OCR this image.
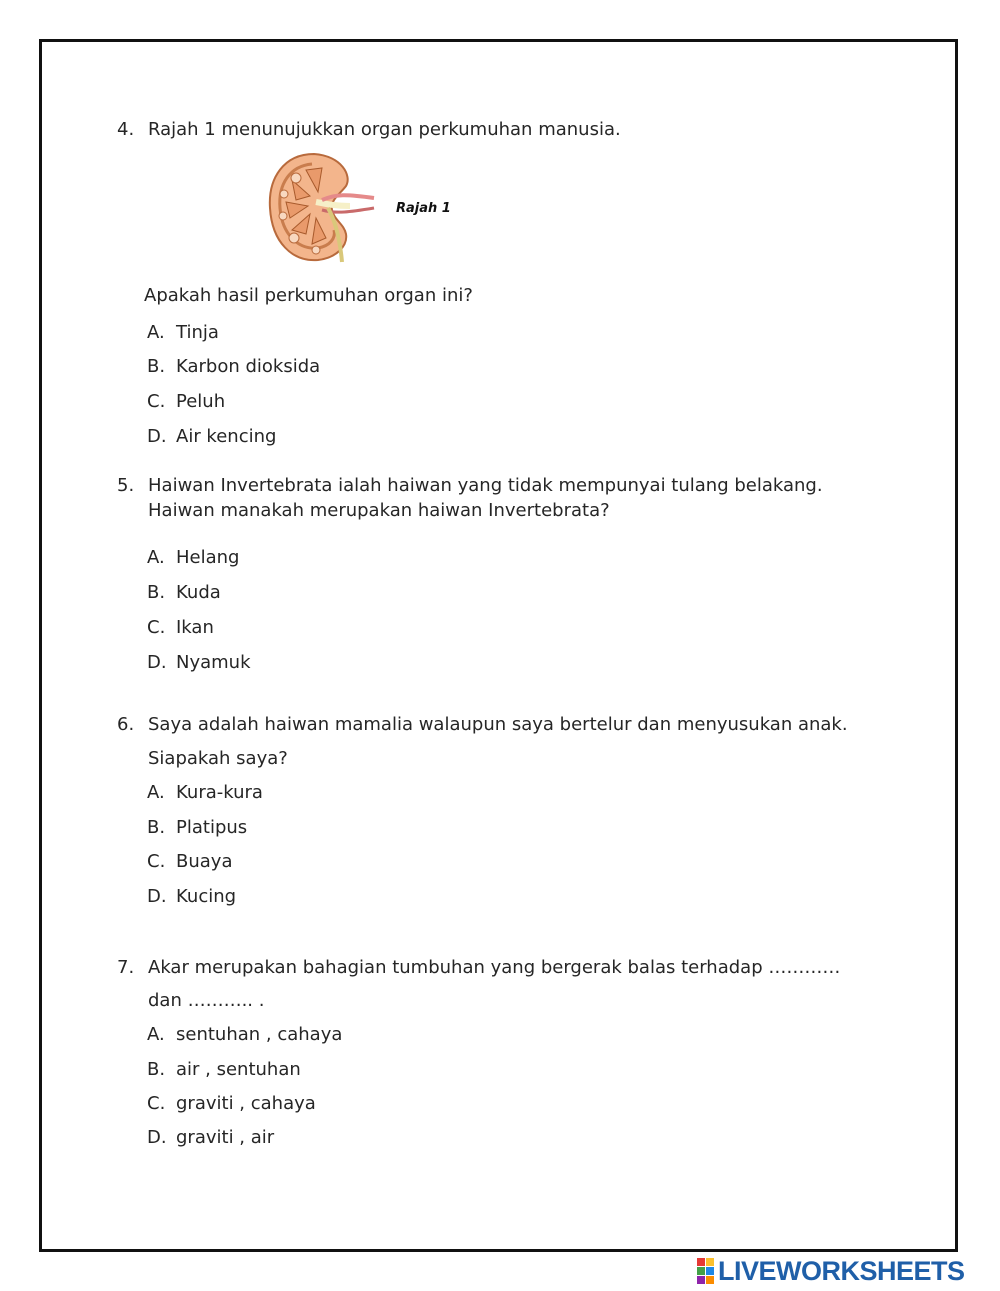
4. Rajah 1 menunujukkan organ perkumuhan manusia.
Rajah 1
Apakah hasil perkumuhan organ ini?
A. Tinja
B. Karbon dioksida
C. Peluh
D. Air kencing
5. Haiwan Invertebrata ialah haiwan yang tidak mempunyai tulang belakang.
Haiwan manakah merupakan haiwan Invertebrata?
A. Helang
B. Kuda
C. Ikan
D. Nyamuk
6. Saya adalah haiwan mamalia walaupun saya bertelur dan menyusukan anak.
Siapakah saya?
A. Kura-kura
B. Platipus
C. Buaya
D. Kucing
7. Akar merupakan bahagian tumbuhan yang bergerak balas terhadap …………
dan ……….. .
A. sentuhan , cahaya
B. air , sentuhan
C. graviti , cahaya
D. graviti , air
LIVEWORKSHEETS
